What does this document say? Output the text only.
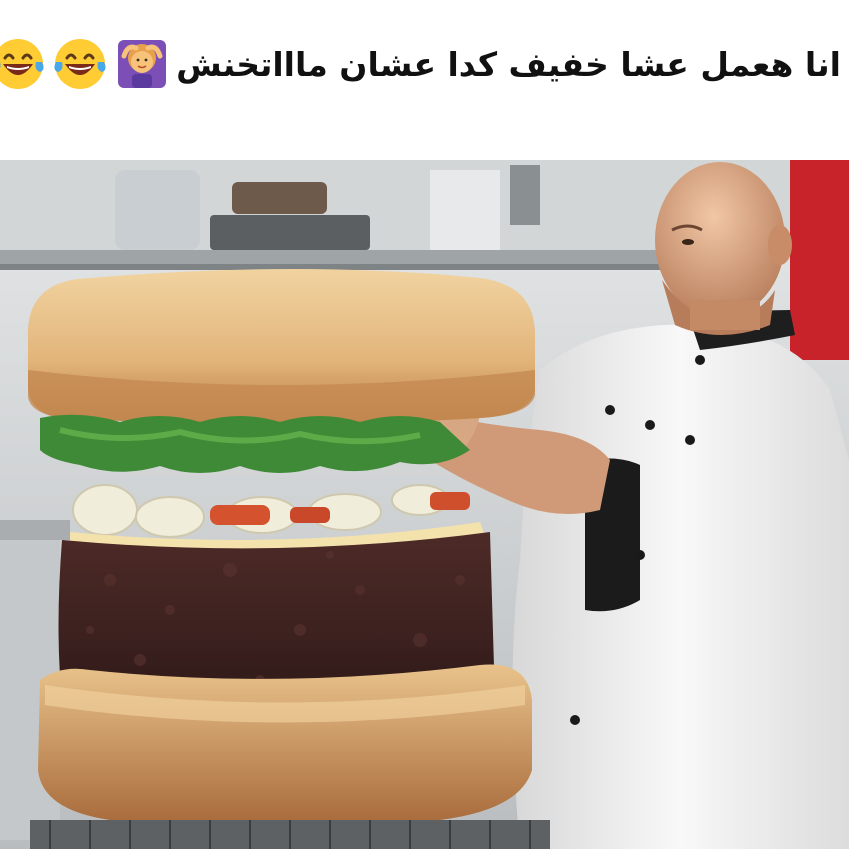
انا هعمل عشا خفيف كدا عشان ماااتخنش
